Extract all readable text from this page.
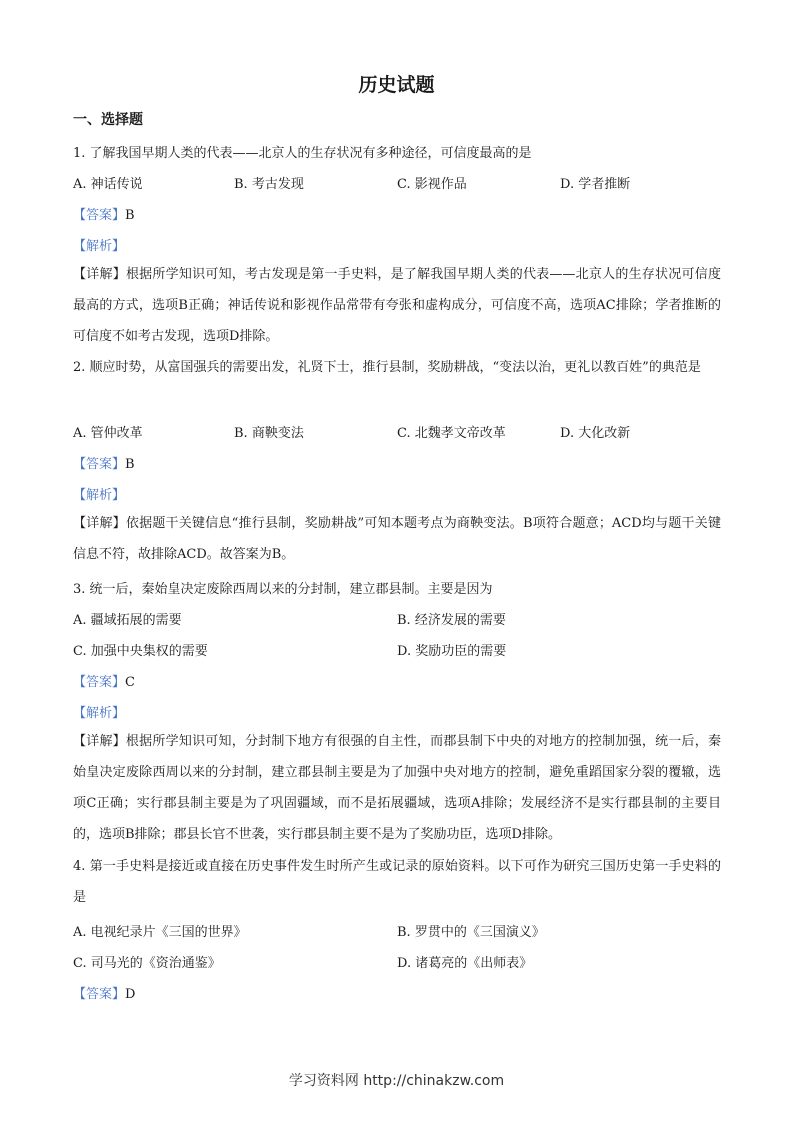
历史试题
一、选择题
1. 了解我国早期人类的代表——北京人的生存状况有多种途径，可信度最高的是
A. 神话传说	B. 考古发现	C. 影视作品	D. 学者推断
【答案】B
【解析】
【详解】根据所学知识可知，考古发现是第一手史料，是了解我国早期人类的代表——北京人的生存状况可信度最高的方式，选项B正确；神话传说和影视作品常带有夸张和虚构成分，可信度不高，选项AC排除；学者推断的可信度不如考古发现，选项D排除。
2. 顺应时势，从富国强兵的需要出发，礼贤下士，推行县制，奖励耕战，“变法以治，更礼以教百姓”的典范是
A. 管仲改革	B. 商鞅变法	C. 北魏孝文帝改革	D. 大化改新
【答案】B
【解析】
【详解】依据题干关键信息“推行县制，奖励耕战”可知本题考点为商鞅变法。B项符合题意；ACD均与题干关键信息不符，故排除ACD。故答案为B。
3. 统一后，秦始皇决定废除西周以来的分封制，建立郡县制。主要是因为
A. 疆域拓展的需要	B. 经济发展的需要
C. 加强中央集权的需要	D. 奖励功臣的需要
【答案】C
【解析】
【详解】根据所学知识可知，分封制下地方有很强的自主性，而郡县制下中央的对地方的控制加强，统一后，秦始皇决定废除西周以来的分封制，建立郡县制主要是为了加强中央对地方的控制，避免重蹈国家分裂的覆辙，选项C正确；实行郡县制主要是为了巩固疆域，而不是拓展疆域，选项A排除；发展经济不是实行郡县制的主要目的，选项B排除；郡县长官不世袭，实行郡县制主要不是为了奖励功臣，选项D排除。
4. 第一手史料是接近或直接在历史事件发生时所产生或记录的原始资料。以下可作为研究三国历史第一手史料的是
A. 电视纪录片《三国的世界》	B. 罗贯中的《三国演义》
C. 司马光的《资治通鉴》	D. 诸葛亮的《出师表》
【答案】D
学习资料网 http://chinakzw.com
